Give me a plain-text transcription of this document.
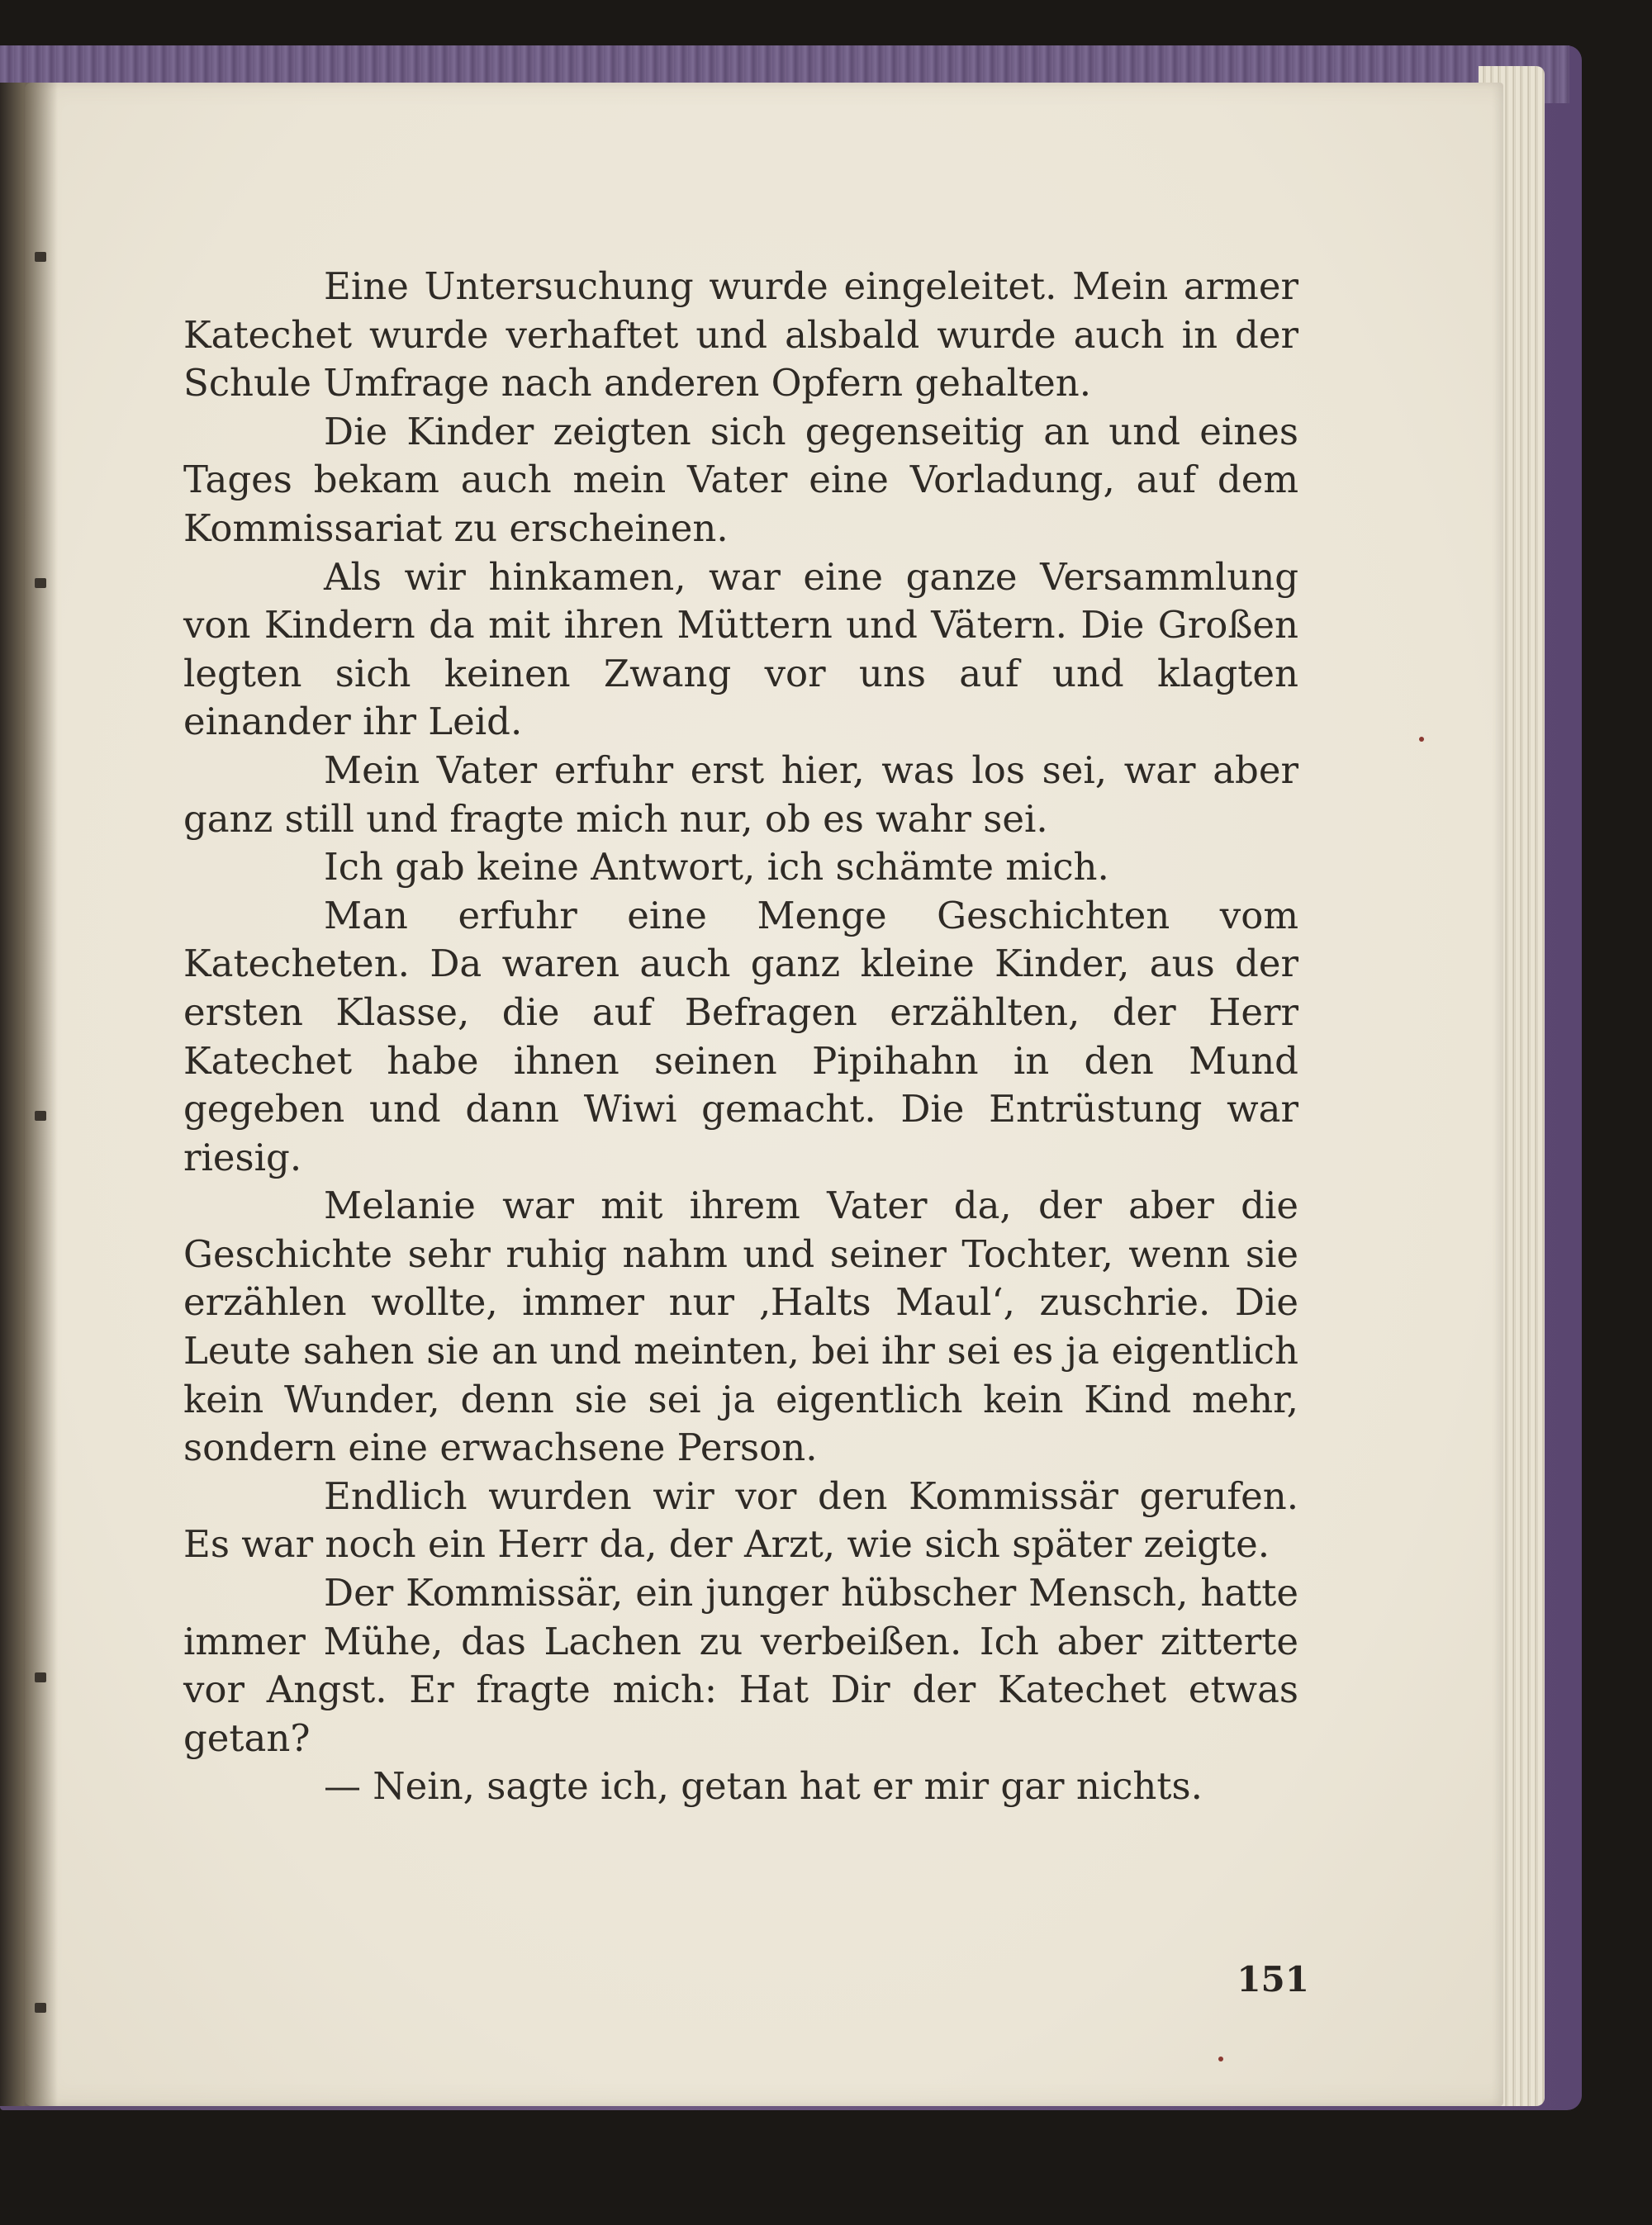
Eine Untersuchung wurde eingeleitet. Mein armer Katechet wurde verhaftet und alsbald wurde auch in der Schule Umfrage nach anderen Opfern gehalten.

Die Kinder zeigten sich gegenseitig an und eines Tages bekam auch mein Vater eine Vorladung, auf dem Kommissariat zu erscheinen.

Als wir hinkamen, war eine ganze Versammlung von Kindern da mit ihren Müttern und Vätern. Die Großen legten sich keinen Zwang vor uns auf und klagten einander ihr Leid.

Mein Vater erfuhr erst hier, was los sei, war aber ganz still und fragte mich nur, ob es wahr sei.

Ich gab keine Antwort, ich schämte mich.

Man erfuhr eine Menge Geschichten vom Katecheten. Da waren auch ganz kleine Kinder, aus der ersten Klasse, die auf Befragen erzählten, der Herr Katechet habe ihnen seinen Pipihahn in den Mund gegeben und dann Wiwi gemacht. Die Entrüstung war riesig.

Melanie war mit ihrem Vater da, der aber die Geschichte sehr ruhig nahm und seiner Tochter, wenn sie erzählen wollte, immer nur ‚Halts Maul‘, zuschrie. Die Leute sahen sie an und meinten, bei ihr sei es ja eigentlich kein Wunder, denn sie sei ja eigentlich kein Kind mehr, sondern eine erwachsene Person.

Endlich wurden wir vor den Kommissär gerufen. Es war noch ein Herr da, der Arzt, wie sich später zeigte.

Der Kommissär, ein junger hübscher Mensch, hatte immer Mühe, das Lachen zu verbeißen. Ich aber zitterte vor Angst. Er fragte mich: Hat Dir der Katechet etwas getan?

— Nein, sagte ich, getan hat er mir gar nichts.

151
